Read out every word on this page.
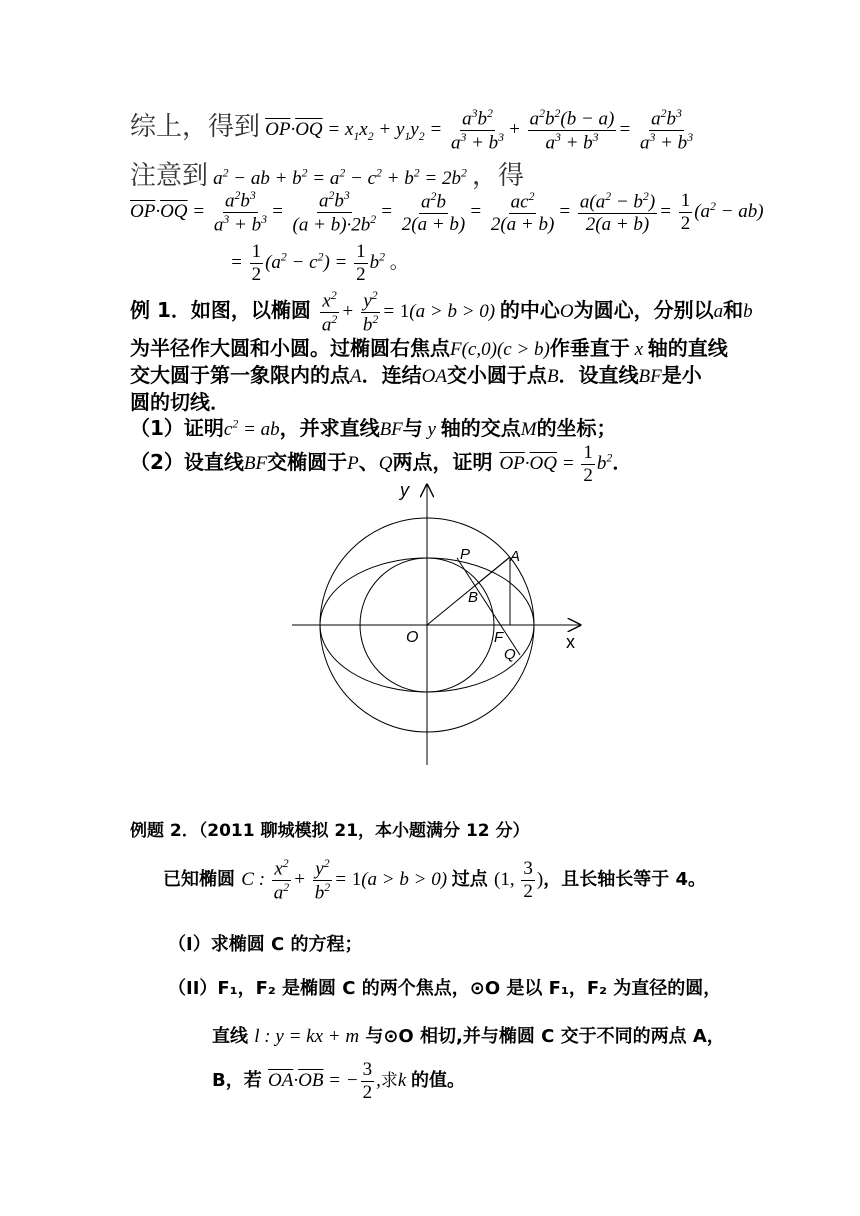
综上，得到 $\overline{OP}\cdot\overline{OQ} = x_1x_2 + y_1y_2 = \frac{a^3b^2}{a^3 + b^3} + \frac{a^2b^2(b - a)}{a^3 + b^3} = \frac{a^2b^3}{a^3 + b^3}$
注意到 $a^2$ − ab + $b^2 = a^2 - c^2 + b^2 = 2b^2$ ，得
$\overline{OP}\cdot\overline{OQ} = \frac{a^2b^3}{a^3 + b^3} = \frac{a^2b^3}{(a + b)\cdot 2b^2} = \frac{a^2b}{2(a + b)} = \frac{ac^2}{2(a + b)} = \frac{a(a^2 - b^2)}{2(a + b)} = \frac{1}{2} (a^2 - ab)$
= $\frac{1}{2} (a^2 - c^2) = \frac{1}{2} b^2$ 。
例 1．如图，以椭圆 $\frac{x^2}{a^2} + \frac{y^2}{b^2} = 1(a > b > 0)$ 的中心O为圆心，分别以a和b
为半径作大圆和小圆。过椭圆右焦点F(c,0)(c > b)作垂直于 x 轴的直线
交大圆于第一象限内的点A．连结OA交小圆于点B．设直线BF是小
圆的切线．
（1）证明$c^2$ = ab，并求直线BF与 y 轴的交点M的坐标；
（2）设直线BF交椭圆于P、Q两点，证明 $\overline{OP}\cdot\overline{OQ} = \frac{1}{2} b^2$．
y
x
O
P	A
B
F
Q
例题 2．（2011 聊城模拟 21，本小题满分 12 分）
已知椭圆 C : $\frac{x^2}{a^2} + \frac{y^2}{b^2} = 1(a > b > 0)$ 过点 (1, $\frac{3}{2}$ )，且长轴长等于 4。
（I）求椭圆 C 的方程；
（II）F₁，F₂ 是椭圆 C 的两个焦点，⊙O 是以 F₁，F₂ 为直径的圆，
直线 l : y = kx + m 与⊙O 相切,并与椭圆 C 交于不同的两点 A，
B，若 $\overline{OA}\cdot\overline{OB}$ = − $\frac{3}{2}$ ,求k 的值。
